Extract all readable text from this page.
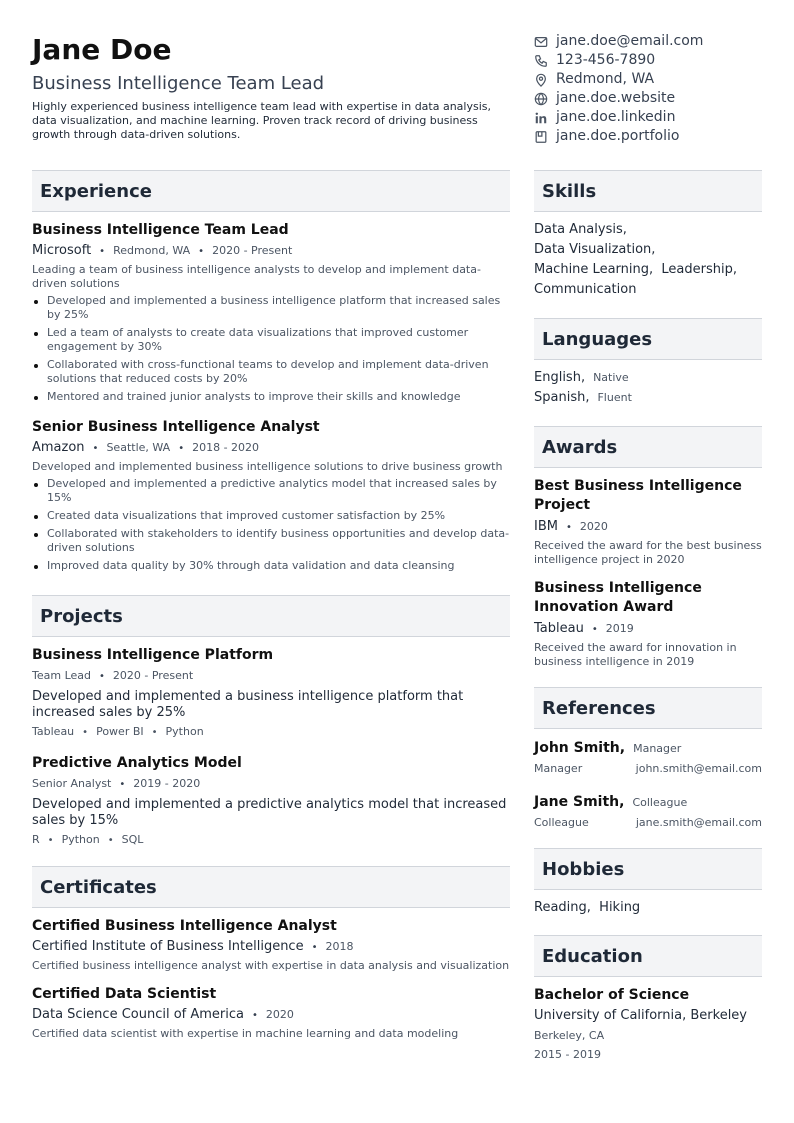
Jane Doe
Business Intelligence Team Lead
Highly experienced business intelligence team lead with expertise in data analysis, data visualization, and machine learning. Proven track record of driving business growth through data-driven solutions.
jane.doe@email.com
123-456-7890
Redmond, WA
jane.doe.website
jane.doe.linkedin
jane.doe.portfolio
Experience
Business Intelligence Team Lead
Microsoft • Redmond, WA • 2020 - Present
Leading a team of business intelligence analysts to develop and implement data-driven solutions
Developed and implemented a business intelligence platform that increased sales by 25%
Led a team of analysts to create data visualizations that improved customer engagement by 30%
Collaborated with cross-functional teams to develop and implement data-driven solutions that reduced costs by 20%
Mentored and trained junior analysts to improve their skills and knowledge
Senior Business Intelligence Analyst
Amazon • Seattle, WA • 2018 - 2020
Developed and implemented business intelligence solutions to drive business growth
Developed and implemented a predictive analytics model that increased sales by 15%
Created data visualizations that improved customer satisfaction by 25%
Collaborated with stakeholders to identify business opportunities and develop data-driven solutions
Improved data quality by 30% through data validation and data cleansing
Projects
Business Intelligence Platform
Team Lead • 2020 - Present
Developed and implemented a business intelligence platform that increased sales by 25%
Tableau • Power BI • Python
Predictive Analytics Model
Senior Analyst • 2019 - 2020
Developed and implemented a predictive analytics model that increased sales by 15%
R • Python • SQL
Certificates
Certified Business Intelligence Analyst
Certified Institute of Business Intelligence • 2018
Certified business intelligence analyst with expertise in data analysis and visualization
Certified Data Scientist
Data Science Council of America • 2020
Certified data scientist with expertise in machine learning and data modeling
Skills
Data Analysis,
Data Visualization,
Machine Learning,  Leadership,
Communication
Languages
English, Native
Spanish, Fluent
Awards
Best Business Intelligence Project
IBM • 2020
Received the award for the best business intelligence project in 2020
Business Intelligence Innovation Award
Tableau • 2019
Received the award for innovation in business intelligence in 2019
References
John Smith, Manager
Manager	john.smith@email.com
Jane Smith, Colleague
Colleague	jane.smith@email.com
Hobbies
Reading,  Hiking
Education
Bachelor of Science
University of California, Berkeley
Berkeley, CA
2015 - 2019
